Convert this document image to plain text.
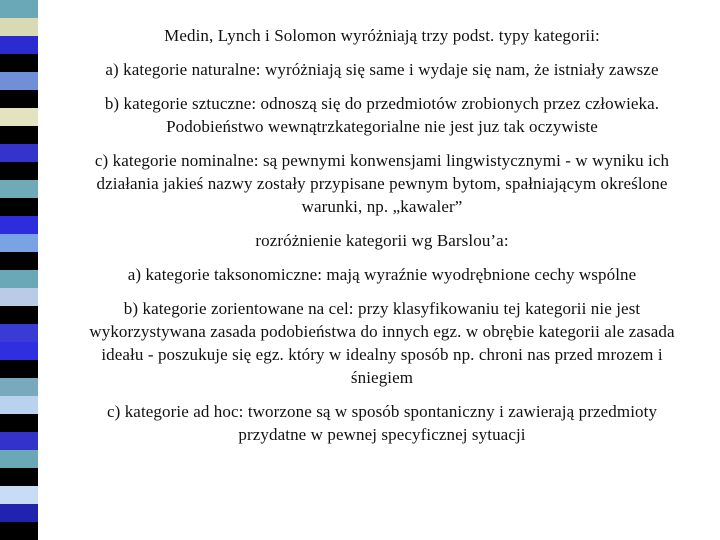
Medin, Lynch i Solomon wyróżniają trzy podst. typy kategorii:

a) kategorie naturalne: wyróżniają się same i wydaje się nam, że istniały zawsze

b) kategorie sztuczne: odnoszą się do przedmiotów zrobionych przez człowieka. Podobieństwo wewnątrzkategorialne nie jest juz tak oczywiste

c) kategorie nominalne: są pewnymi konwensjami lingwistycznymi - w wyniku ich działania jakieś nazwy zostały przypisane pewnym bytom, spałniającym określone warunki, np. „kawaler”

rozróżnienie kategorii wg Barslou’a:

a) kategorie taksonomiczne: mają wyraźnie wyodrębnione cechy wspólne

b) kategorie zorientowane na cel: przy klasyfikowaniu tej kategorii nie jest wykorzystywana zasada podobieństwa do innych egz. w obrębie kategorii ale zasada ideału - poszukuje się egz. który w idealny sposób np. chroni nas przed mrozem i śniegiem

c) kategorie ad hoc: tworzone są w sposób spontaniczny i zawierają przedmioty przydatne w pewnej specyficznej sytuacji
